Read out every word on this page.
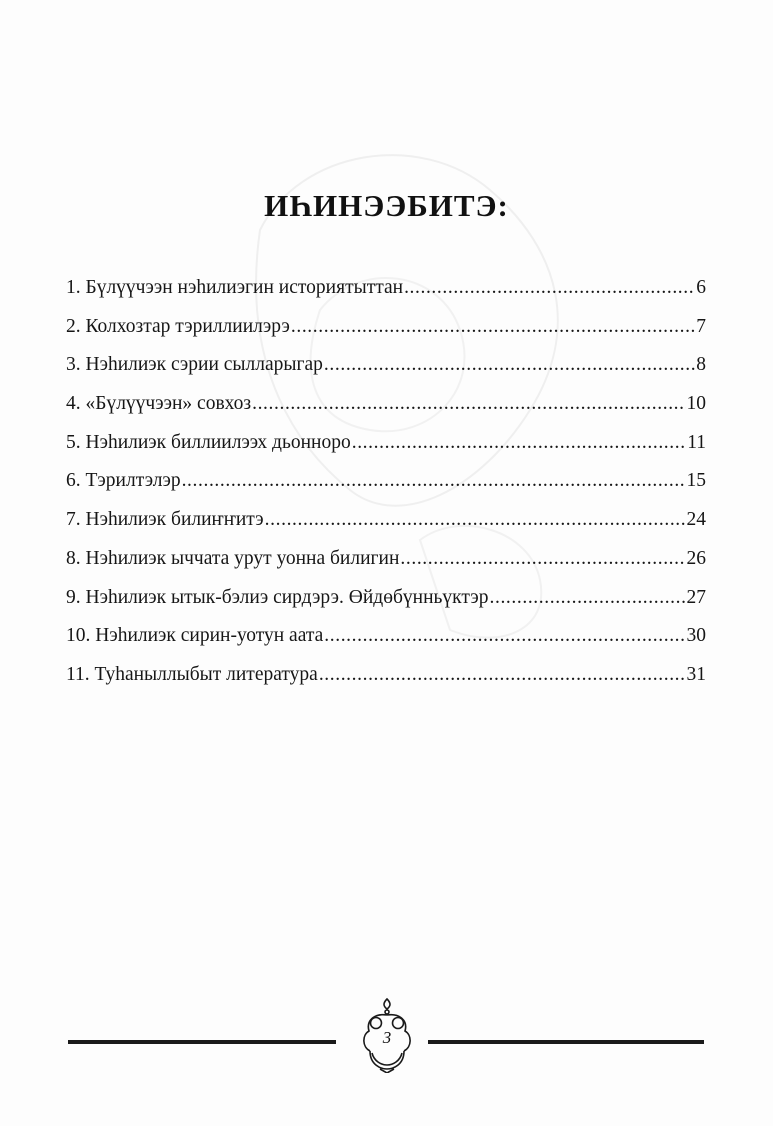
ИҺИНЭЭБИТЭ:
1. Бүлүүчээн нэһилиэгин историятыттан .....	6
2. Колхозтар тэриллиилэрэ .....	7
3. Нэһилиэк сэрии сылларыгар .....	8
4. «Бүлүүчээн» совхоз .....	10
5. Нэһилиэк биллиилээх дьонноро .....	11
6. Тэрилтэлэр .....	15
7. Нэһилиэк билиҥҥитэ .....	24
8. Нэһилиэк ыччата урут уонна билигин .....	26
9. Нэһилиэк ытык-бэлиэ сирдэрэ. Өйдөбүнньүктэр .....	27
10. Нэһилиэк сирин-уотун аата .....	30
11. Туһаныллыбыт литература .....	31
3
